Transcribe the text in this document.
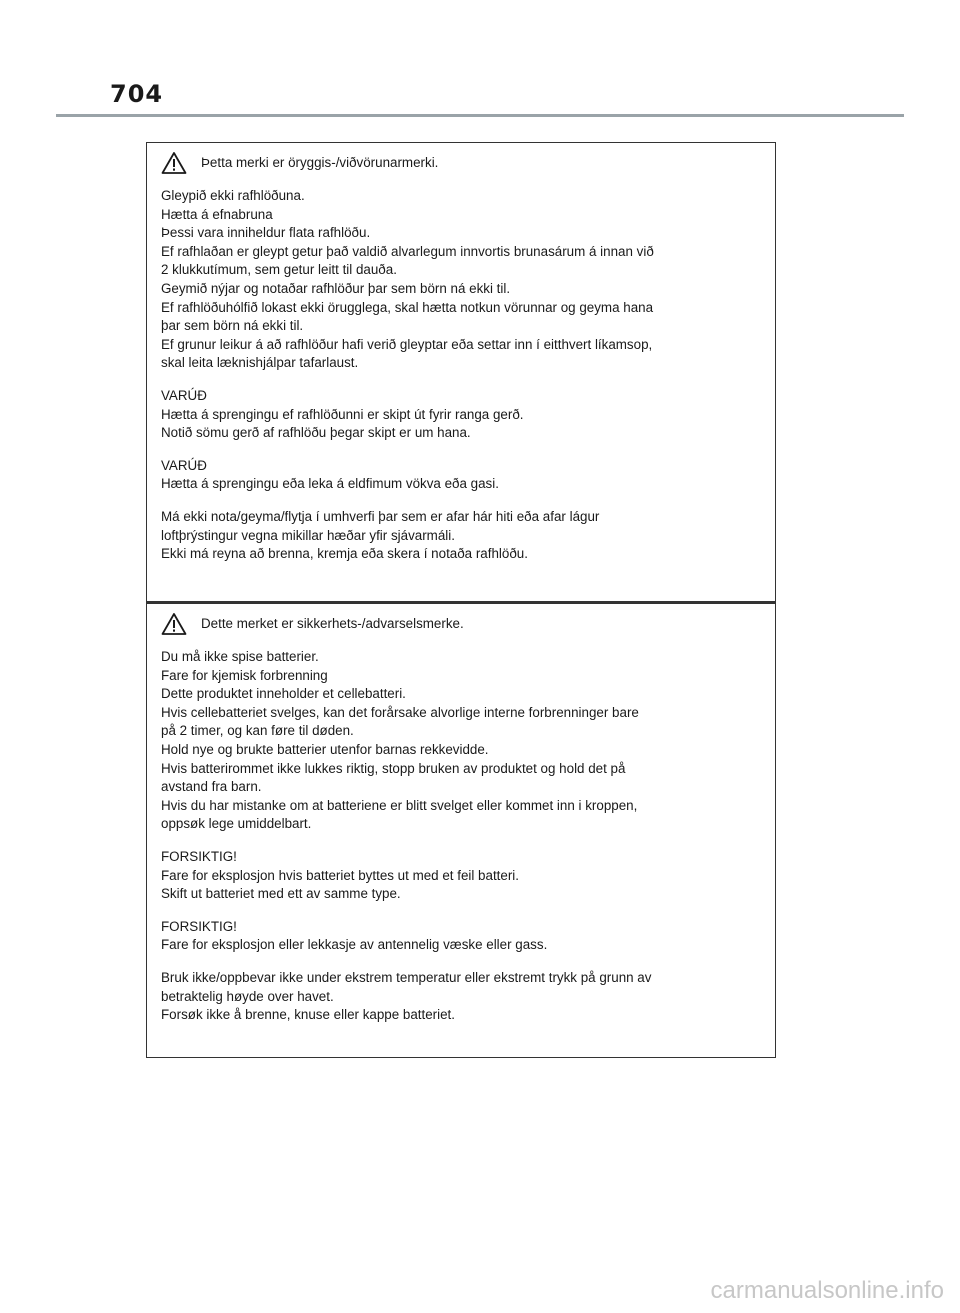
704
Þetta merki er öryggis-/viðvörunarmerki.
Gleypið ekki rafhlöðuna.
Hætta á efnabruna
Þessi vara inniheldur flata rafhlöðu.
Ef rafhlaðan er gleypt getur það valdið alvarlegum innvortis brunasárum á innan við
2 klukkutímum, sem getur leitt til dauða.
Geymið nýjar og notaðar rafhlöður þar sem börn ná ekki til.
Ef rafhlöðuhólfið lokast ekki örugglega, skal hætta notkun vörunnar og geyma hana
þar sem börn ná ekki til.
Ef grunur leikur á að rafhlöður hafi verið gleyptar eða settar inn í eitthvert líkamsop,
skal leita læknishjálpar tafarlaust.
VARÚÐ
Hætta á sprengingu ef rafhlöðunni er skipt út fyrir ranga gerð.
Notið sömu gerð af rafhlöðu þegar skipt er um hana.
VARÚÐ
Hætta á sprengingu eða leka á eldfimum vökva eða gasi.
Má ekki nota/geyma/flytja í umhverfi þar sem er afar hár hiti eða afar lágur
loftþrýstingur vegna mikillar hæðar yfir sjávarmáli.
Ekki má reyna að brenna, kremja eða skera í notaða rafhlöðu.
Dette merket er sikkerhets-/advarselsmerke.
Du må ikke spise batterier.
Fare for kjemisk forbrenning
Dette produktet inneholder et cellebatteri.
Hvis cellebatteriet svelges, kan det forårsake alvorlige interne forbrenninger bare
på 2 timer, og kan føre til døden.
Hold nye og brukte batterier utenfor barnas rekkevidde.
Hvis batterirommet ikke lukkes riktig, stopp bruken av produktet og hold det på
avstand fra barn.
Hvis du har mistanke om at batteriene er blitt svelget eller kommet inn i kroppen,
oppsøk lege umiddelbart.
FORSIKTIG!
Fare for eksplosjon hvis batteriet byttes ut med et feil batteri.
Skift ut batteriet med ett av samme type.
FORSIKTIG!
Fare for eksplosjon eller lekkasje av antennelig væske eller gass.
Bruk ikke/oppbevar ikke under ekstrem temperatur eller ekstremt trykk på grunn av
betraktelig høyde over havet.
Forsøk ikke å brenne, knuse eller kappe batteriet.
carmanualsonline.info
